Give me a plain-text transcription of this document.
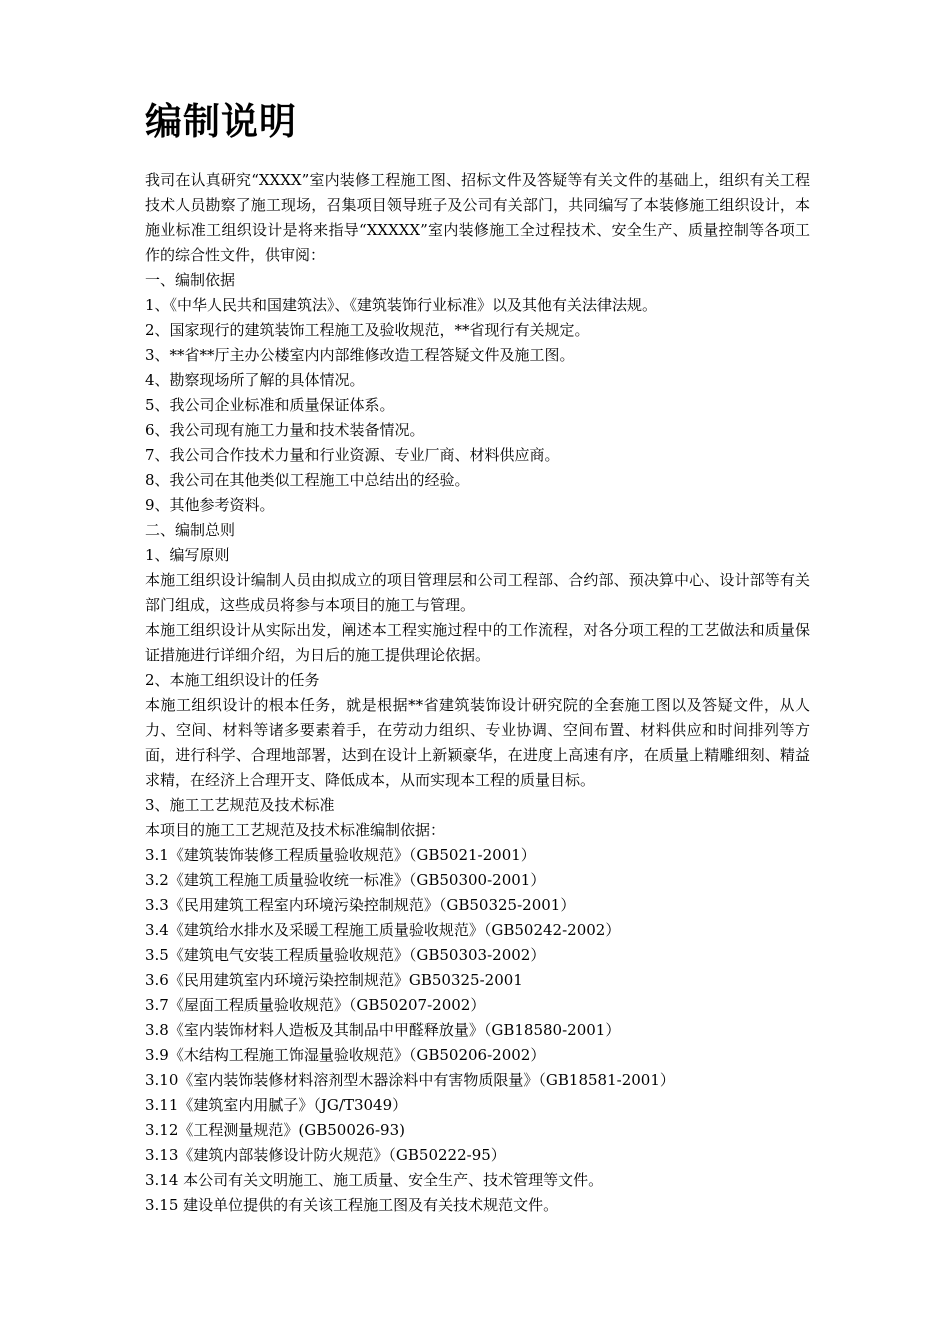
编制说明

我司在认真研究“XXXX”室内装修工程施工图、招标文件及答疑等有关文件的基础上，组织有关工程技术人员勘察了施工现场，召集项目领导班子及公司有关部门，共同编写了本装修施工组织设计，本施业标准工组织设计是将来指导“XXXXX”室内装修施工全过程技术、安全生产、质量控制等各项工作的综合性文件，供审阅：

一、编制依据

1、《中华人民共和国建筑法》、《建筑装饰行业标准》以及其他有关法律法规。

2、国家现行的建筑装饰工程施工及验收规范，**省现行有关规定。

3、**省**厅主办公楼室内内部维修改造工程答疑文件及施工图。

4、勘察现场所了解的具体情况。

5、我公司企业标准和质量保证体系。

6、我公司现有施工力量和技术装备情况。

7、我公司合作技术力量和行业资源、专业厂商、材料供应商。

8、我公司在其他类似工程施工中总结出的经验。

9、其他参考资料。

二、编制总则

1、编写原则

本施工组织设计编制人员由拟成立的项目管理层和公司工程部、合约部、预决算中心、设计部等有关部门组成，这些成员将参与本项目的施工与管理。

本施工组织设计从实际出发，阐述本工程实施过程中的工作流程，对各分项工程的工艺做法和质量保证措施进行详细介绍，为日后的施工提供理论依据。

2、本施工组织设计的任务

本施工组织设计的根本任务，就是根据**省建筑装饰设计研究院的全套施工图以及答疑文件，从人力、空间、材料等诸多要素着手，在劳动力组织、专业协调、空间布置、材料供应和时间排列等方面，进行科学、合理地部署，达到在设计上新颖豪华，在进度上高速有序，在质量上精雕细刻、精益求精，在经济上合理开支、降低成本，从而实现本工程的质量目标。

3、施工工艺规范及技术标准

本项目的施工工艺规范及技术标准编制依据：

3.1《建筑装饰装修工程质量验收规范》（GB5021-2001）

3.2《建筑工程施工质量验收统一标准》（GB50300-2001）

3.3《民用建筑工程室内环境污染控制规范》（GB50325-2001）

3.4《建筑给水排水及采暖工程施工质量验收规范》（GB50242-2002）

3.5《建筑电气安装工程质量验收规范》（GB50303-2002）

3.6《民用建筑室内环境污染控制规范》GB50325-2001

3.7《屋面工程质量验收规范》（GB50207-2002）

3.8《室内装饰材料人造板及其制品中甲醛释放量》（GB18580-2001）

3.9《木结构工程施工饰湿量验收规范》（GB50206-2002）

3.10《室内装饰装修材料溶剂型木器涂料中有害物质限量》（GB18581-2001）

3.11《建筑室内用腻子》（JG/T3049）

3.12《工程测量规范》(GB50026-93)

3.13《建筑内部装修设计防火规范》（GB50222-95）

3.14 本公司有关文明施工、施工质量、安全生产、技术管理等文件。

3.15 建设单位提供的有关该工程施工图及有关技术规范文件。
